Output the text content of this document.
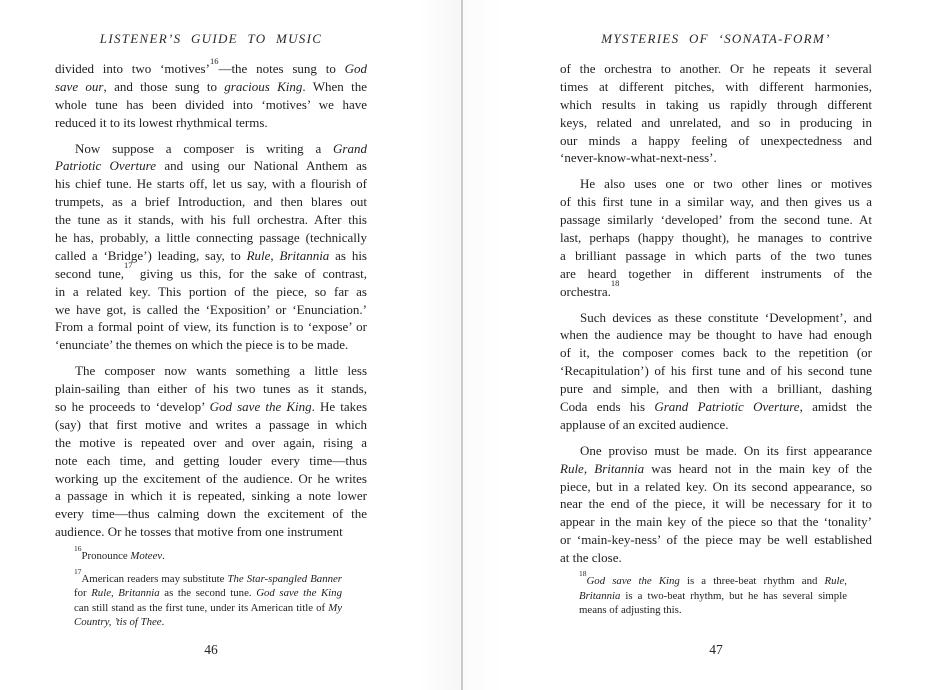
LISTENER’S GUIDE TO MUSIC
divided into two ‘motives’$^{16}$—the notes sung to God
save our, and those sung to gracious King. When the
whole tune has been divided into ‘motives’ we have
reduced it to its lowest rhythmical terms.
Now suppose a composer is writing a Grand
Patriotic Overture and using our National Anthem as
his chief tune. He starts off, let us say, with a flourish of
trumpets, as a brief Introduction, and then blares out
the tune as it stands, with his full orchestra. After this
he has, probably, a little connecting passage (technically
called a ‘Bridge’) leading, say, to Rule, Britannia as his
second tune,$^{17}$ giving us this, for the sake of contrast,
in a related key. This portion of the piece, so far as
we have got, is called the ‘Exposition’ or ‘Enunciation.’
From a formal point of view, its function is to ‘expose’ or
‘enunciate’ the themes on which the piece is to be made.
The composer now wants something a little less
plain-sailing than either of his two tunes as it stands,
so he proceeds to ‘develop’ God save the King. He takes
(say) that first motive and writes a passage in which
the motive is repeated over and over again, rising a
note each time, and getting louder every time—thus
working up the excitement of the audience. Or he writes
a passage in which it is repeated, sinking a note lower
every time—thus calming down the excitement of the
audience. Or he tosses that motive from one instrument
$^{16}$Pronounce Moteev.
$^{17}$American readers may substitute The Star-spangled Banner
for Rule, Britannia as the second tune. God save the King
can still stand as the first tune, under its American title of My
Country, ’tis of Thee.
46
MYSTERIES OF ‘SONATA-FORM’
of the orchestra to another. Or he repeats it several
times at different pitches, with different harmonies,
which results in taking us rapidly through different
keys, related and unrelated, and so in producing in
our minds a happy feeling of unexpectedness and
‘never-know-what-next-ness’.
He also uses one or two other lines or motives
of this first tune in a similar way, and then gives us a
passage similarly ‘developed’ from the second tune. At
last, perhaps (happy thought), he manages to contrive
a brilliant passage in which parts of the two tunes
are heard together in different instruments of the
orchestra.$^{18}$
Such devices as these constitute ‘Development’, and
when the audience may be thought to have had enough
of it, the composer comes back to the repetition (or
‘Recapitulation’) of his first tune and of his second tune
pure and simple, and then with a brilliant, dashing
Coda ends his Grand Patriotic Overture, amidst the
applause of an excited audience.
One proviso must be made. On its first appearance
Rule, Britannia was heard not in the main key of the
piece, but in a related key. On its second appearance, so
near the end of the piece, it will be necessary for it to
appear in the main key of the piece so that the ‘tonality’
or ‘main-key-ness’ of the piece may be well established
at the close.
$^{18}$God save the King is a three-beat rhythm and Rule,
Britannia is a two-beat rhythm, but he has several simple
means of adjusting this.
47
